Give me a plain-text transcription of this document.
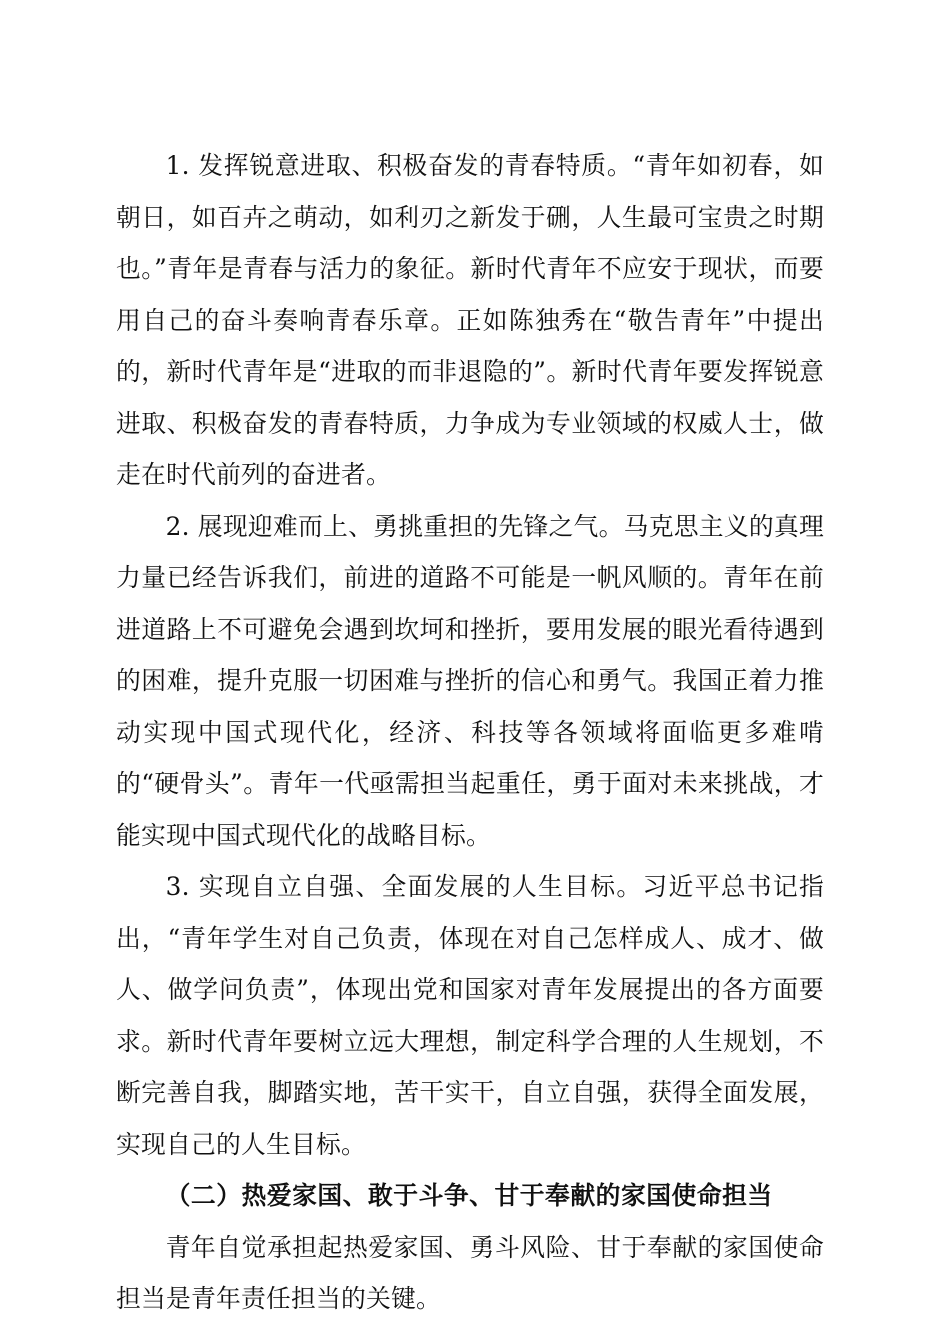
1. 发挥锐意进取、积极奋发的青春特质。“青年如初春，如朝日，如百卉之萌动，如利刃之新发于硎，人生最可宝贵之时期也。”青年是青春与活力的象征。新时代青年不应安于现状，而要用自己的奋斗奏响青春乐章。正如陈独秀在“敬告青年”中提出的，新时代青年是“进取的而非退隐的”。新时代青年要发挥锐意进取、积极奋发的青春特质，力争成为专业领域的权威人士，做走在时代前列的奋进者。

2. 展现迎难而上、勇挑重担的先锋之气。马克思主义的真理力量已经告诉我们，前进的道路不可能是一帆风顺的。青年在前进道路上不可避免会遇到坎坷和挫折，要用发展的眼光看待遇到的困难，提升克服一切困难与挫折的信心和勇气。我国正着力推动实现中国式现代化，经济、科技等各领域将面临更多难啃的“硬骨头”。青年一代亟需担当起重任，勇于面对未来挑战，才能实现中国式现代化的战略目标。

3. 实现自立自强、全面发展的人生目标。习近平总书记指出，“青年学生对自己负责，体现在对自己怎样成人、成才、做人、做学问负责”，体现出党和国家对青年发展提出的各方面要求。新时代青年要树立远大理想，制定科学合理的人生规划，不断完善自我，脚踏实地，苦干实干，自立自强，获得全面发展，实现自己的人生目标。

（二）热爱家国、敢于斗争、甘于奉献的家国使命担当

青年自觉承担起热爱家国、勇斗风险、甘于奉献的家国使命担当是青年责任担当的关键。
